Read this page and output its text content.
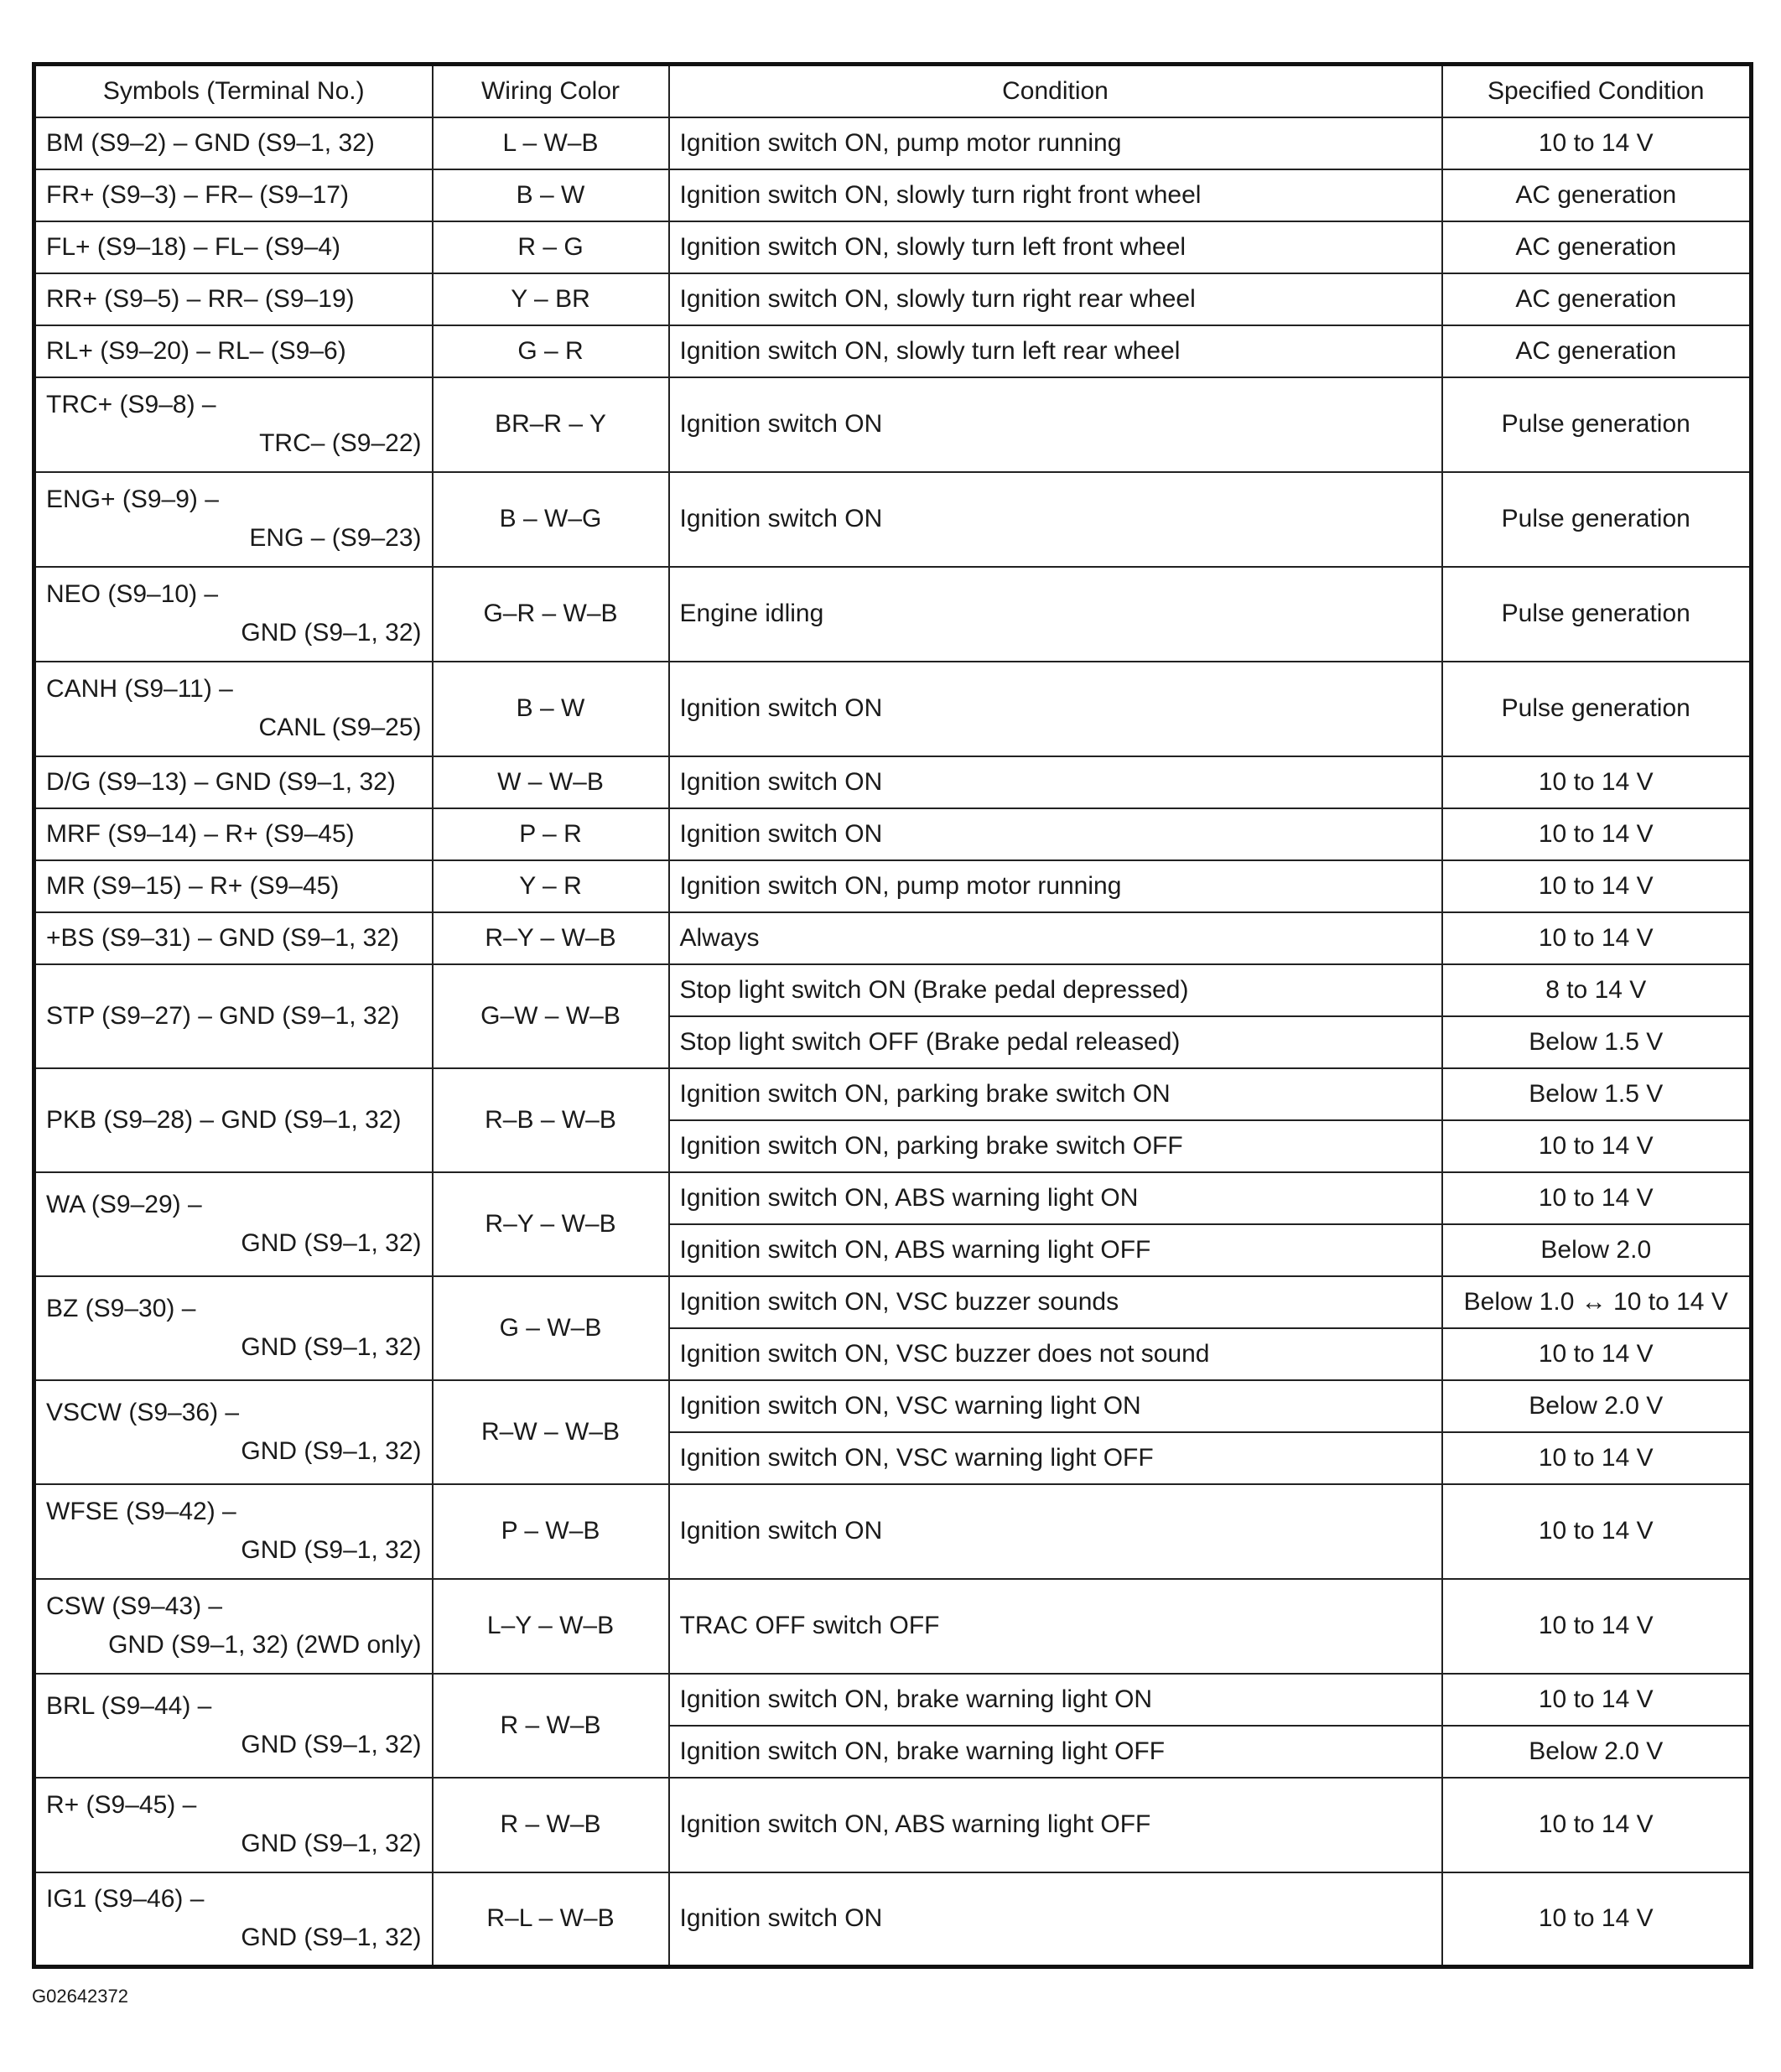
Symbols (Terminal No.)	Wiring Color	Condition	Specified Condition
BM (S9–2) – GND (S9–1, 32)	L – W–B	Ignition switch ON, pump motor running	10 to 14 V
FR+ (S9–3) – FR– (S9–17)	B – W	Ignition switch ON, slowly turn right front wheel	AC generation
FL+ (S9–18) – FL– (S9–4)	R – G	Ignition switch ON, slowly turn left front wheel	AC generation
RR+ (S9–5) – RR– (S9–19)	Y – BR	Ignition switch ON, slowly turn right rear wheel	AC generation
RL+ (S9–20) – RL– (S9–6)	G – R	Ignition switch ON, slowly turn left rear wheel	AC generation

TRC+ (S9–8) –
TRC– (S9–22)	BR–R – Y	Ignition switch ON	Pulse generation

ENG+ (S9–9) –
ENG – (S9–23)	B – W–G	Ignition switch ON	Pulse generation

NEO (S9–10) –
GND (S9–1, 32)	G–R – W–B	Engine idling	Pulse generation

CANH (S9–11) –
CANL (S9–25)	B – W	Ignition switch ON	Pulse generation
D/G (S9–13) – GND (S9–1, 32)	W – W–B	Ignition switch ON	10 to 14 V
MRF (S9–14) – R+ (S9–45)	P – R	Ignition switch ON	10 to 14 V
MR (S9–15) – R+ (S9–45)	Y – R	Ignition switch ON, pump motor running	10 to 14 V
+BS (S9–31) – GND (S9–1, 32)	R–Y – W–B	Always	10 to 14 V
STP (S9–27) – GND (S9–1, 32)	G–W – W–B	Stop light switch ON (Brake pedal depressed)	8 to 14 V
		Stop light switch OFF (Brake pedal released)	Below 1.5 V
PKB (S9–28) – GND (S9–1, 32)	R–B – W–B	Ignition switch ON, parking brake switch ON	Below 1.5 V
		Ignition switch ON, parking brake switch OFF	10 to 14 V

WA (S9–29) –
GND (S9–1, 32)	R–Y – W–B	Ignition switch ON, ABS warning light ON	10 to 14 V
		Ignition switch ON, ABS warning light OFF	Below 2.0

BZ (S9–30) –
GND (S9–1, 32)	G – W–B	Ignition switch ON, VSC buzzer sounds	Below 1.0 ↔ 10 to 14 V
		Ignition switch ON, VSC buzzer does not sound	10 to 14 V

VSCW (S9–36) –
GND (S9–1, 32)	R–W – W–B	Ignition switch ON, VSC warning light ON	Below 2.0 V
		Ignition switch ON, VSC warning light OFF	10 to 14 V

WFSE (S9–42) –
GND (S9–1, 32)	P – W–B	Ignition switch ON	10 to 14 V

CSW (S9–43) –
GND (S9–1, 32) (2WD only)	L–Y – W–B	TRAC OFF switch OFF	10 to 14 V

BRL (S9–44) –
GND (S9–1, 32)	R – W–B	Ignition switch ON, brake warning light ON	10 to 14 V
		Ignition switch ON, brake warning light OFF	Below 2.0 V

R+ (S9–45) –
GND (S9–1, 32)	R – W–B	Ignition switch ON, ABS warning light OFF	10 to 14 V

IG1 (S9–46) –
GND (S9–1, 32)	R–L – W–B	Ignition switch ON	10 to 14 V
G02642372
